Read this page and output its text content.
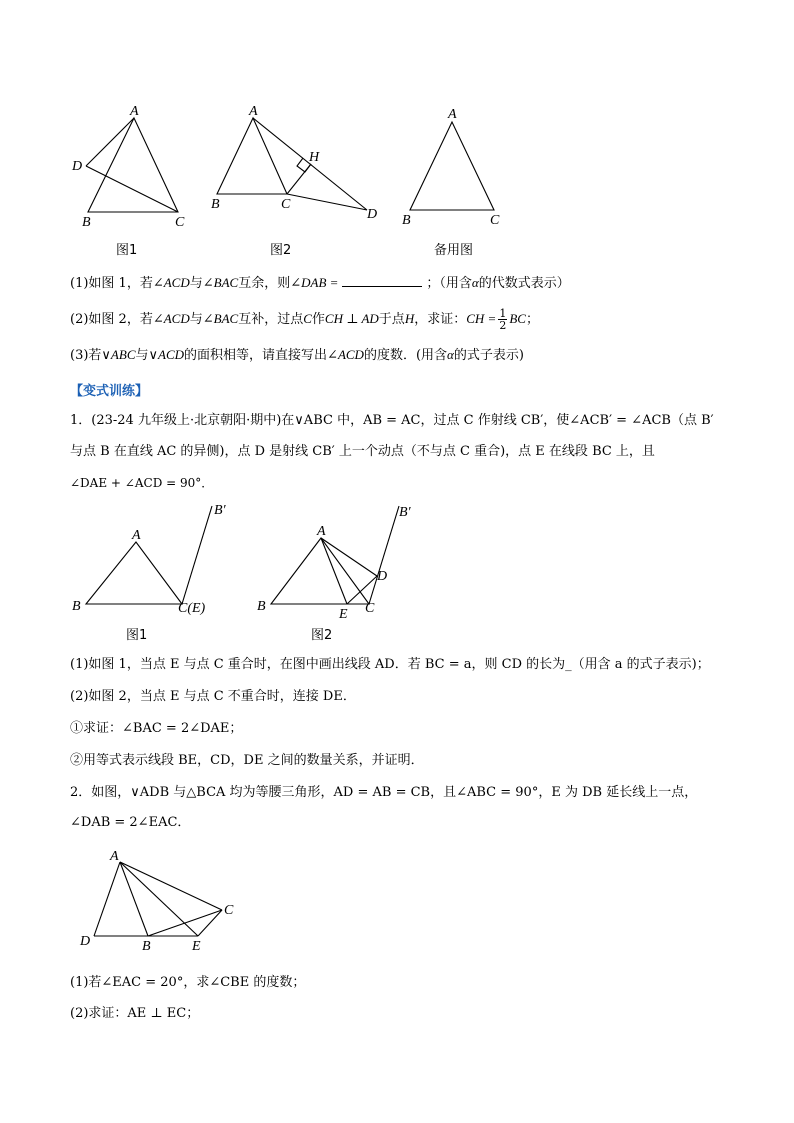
A
D
B	C
图1
A
H
B	C
D
图2
A
B	C
备用图
(1)如图 1，若∠ACD与∠BAC互余，则∠DAB =	；（用含α的代数式表示）
(2)如图 2，若∠ACD与∠BAC互补，过点C作CH ⊥ AD于点H，求证：CH = $\frac{1}{2}$ BC；
(3)若∨ABC与∨ACD的面积相等，请直接写出∠ACD的度数．(用含α的式子表示)
【变式训练】
1．(23-24 九年级上·北京朝阳·期中)在∨ABC 中，AB = AC，过点 C 作射线 CB′，使∠ACB′ = ∠ACB（点 B′
与点 B 在直线 AC 的异侧)，点 D 是射线 CB′ 上一个动点（不与点 C 重合)，点 E 在线段 BC 上，且
∠DAE + ∠ACD = 90°．
A
B	C(E)
B′
图1
A
B
E C
D
B′
图2
(1)如图 1，当点 E 与点 C 重合时，在图中画出线段 AD．若 BC = a，则 CD 的长为_（用含 a 的式子表示)；
(2)如图 2，当点 E 与点 C 不重合时，连接 DE．
①求证：∠BAC = 2∠DAE；
②用等式表示线段 BE，CD，DE 之间的数量关系，并证明．
2．如图，∨ADB 与△BCA 均为等腰三角形，AD = AB = CB，且∠ABC = 90°，E 为 DB 延长线上一点，
∠DAB = 2∠EAC．
A
D	B	E
C
(1)若∠EAC = 20°，求∠CBE 的度数；
(2)求证：AE ⊥ EC；
